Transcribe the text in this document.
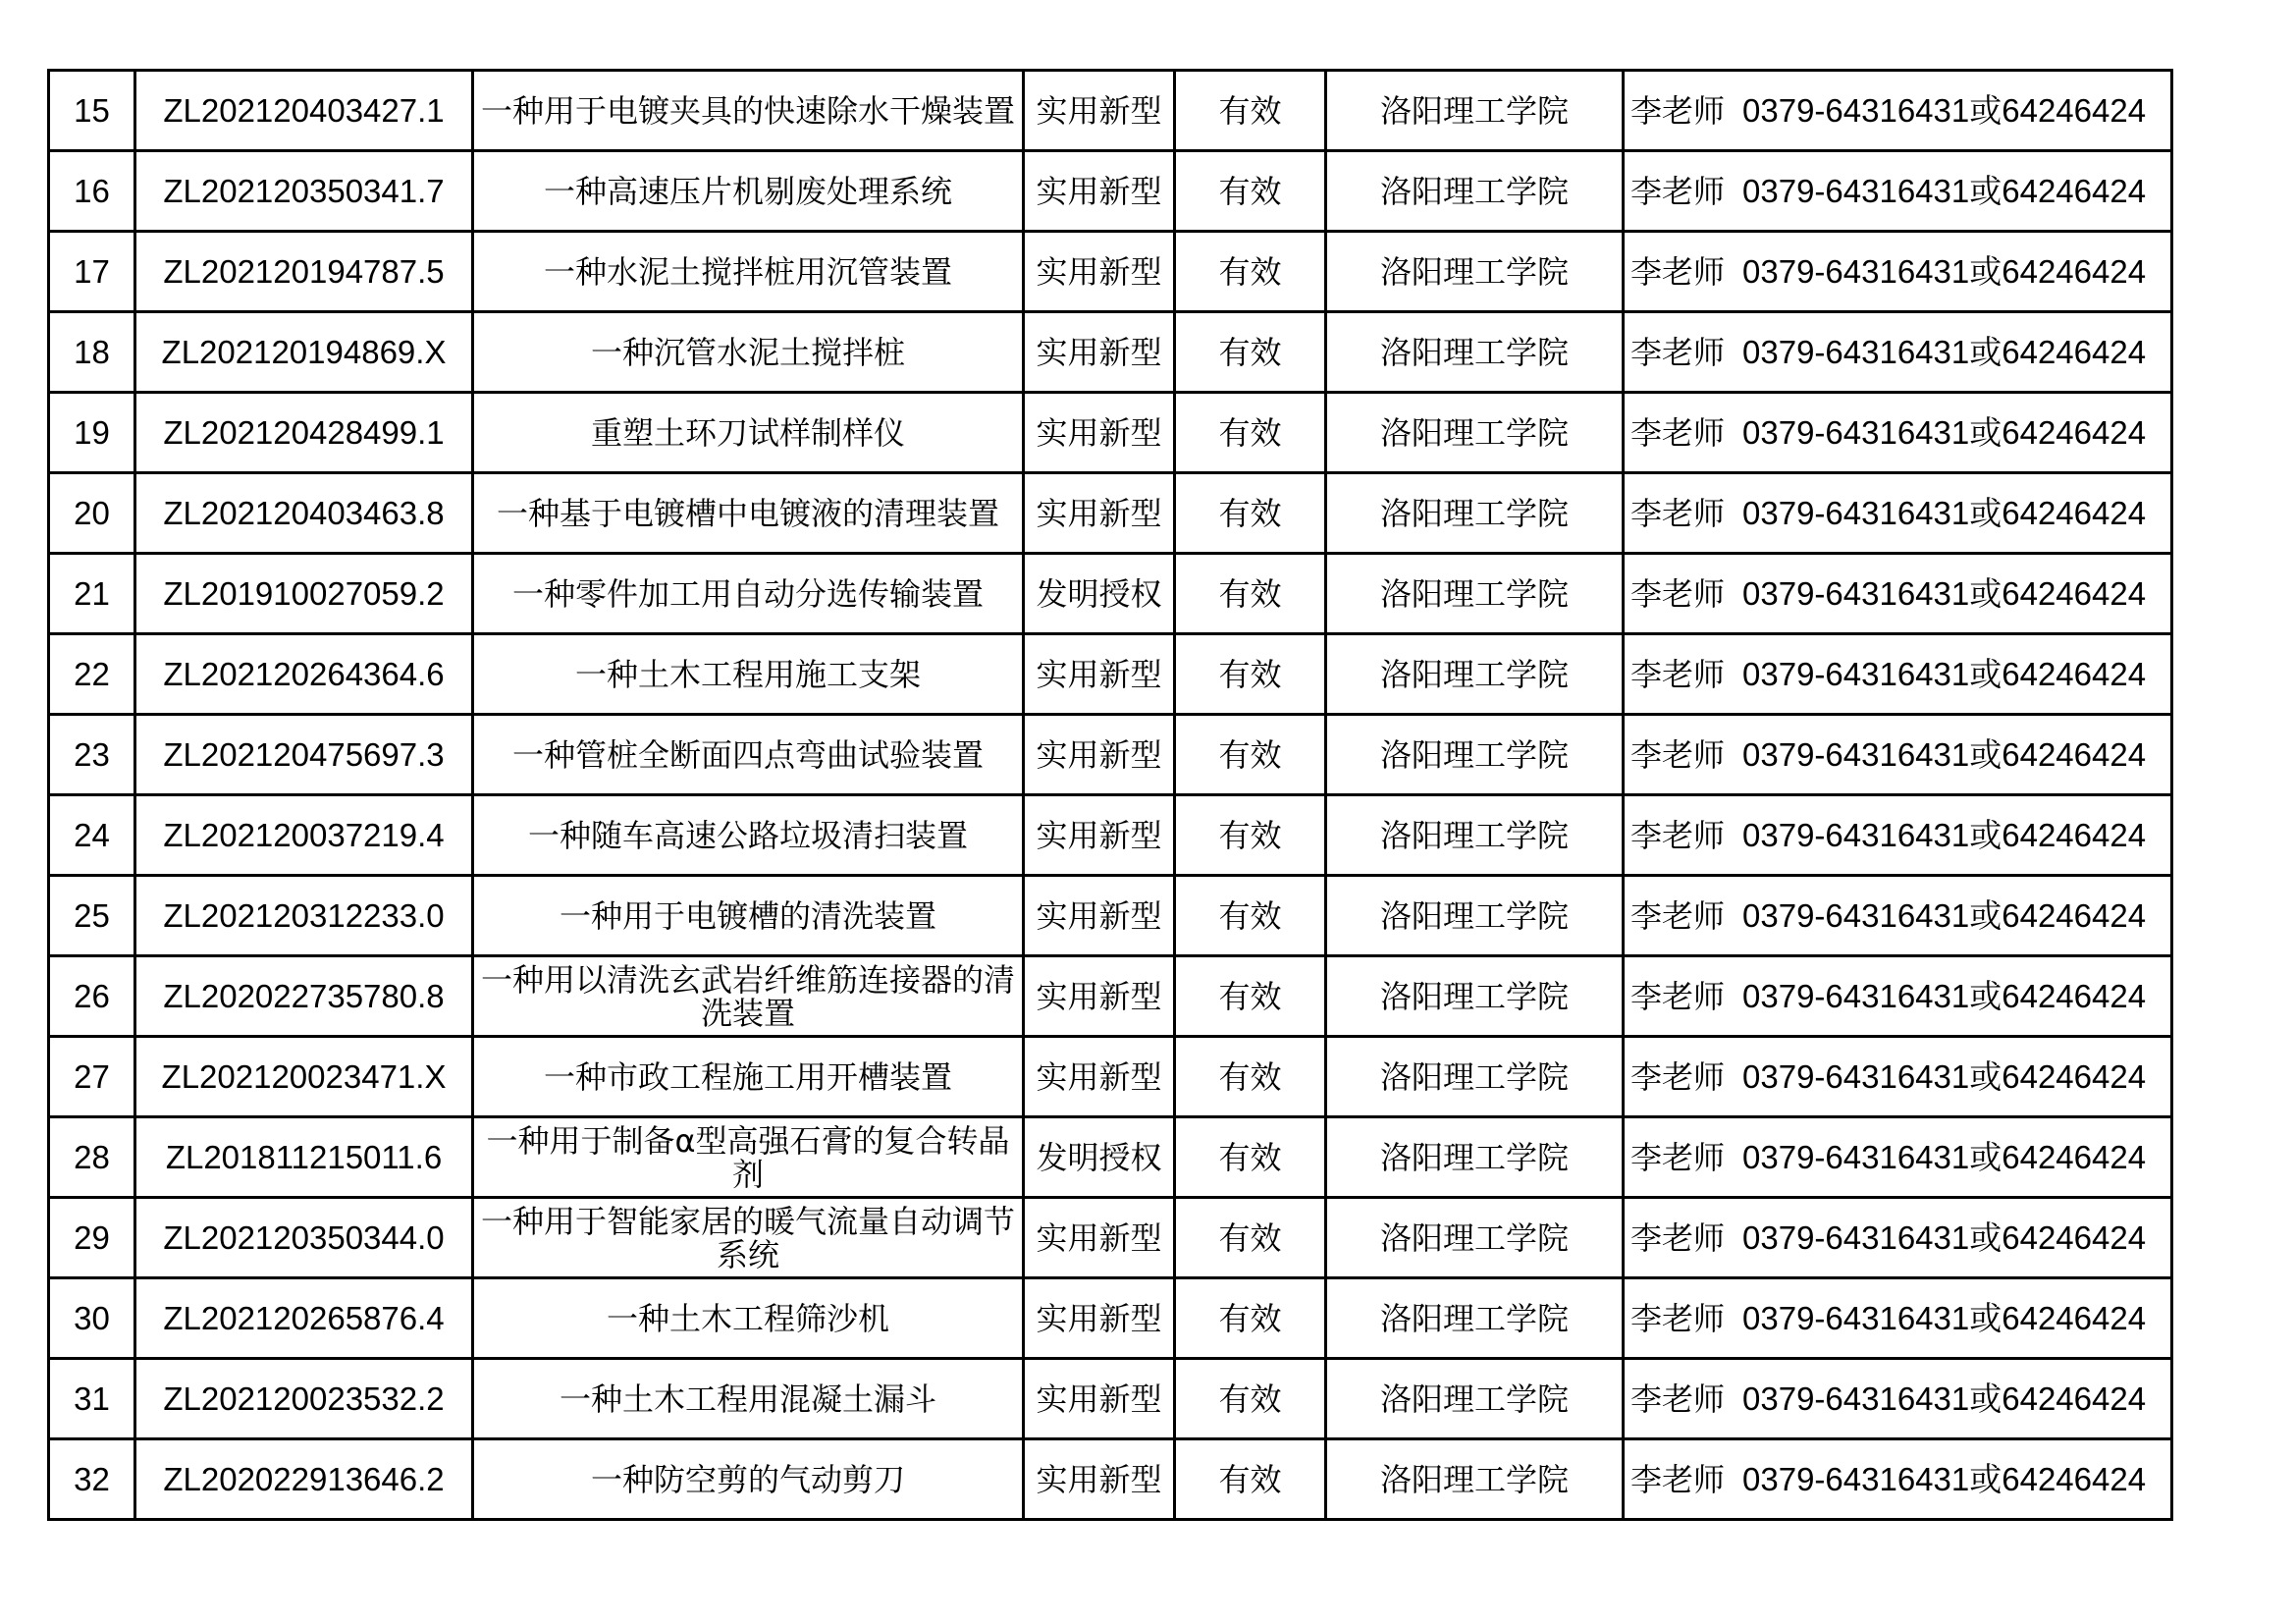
15	ZL202120403427.1	一种用于电镀夹具的快速除水干燥装置	实用新型	有效	洛阳理工学院	李老师 0379-64316431或64246424
16	ZL202120350341.7	一种高速压片机剔废处理系统	实用新型	有效	洛阳理工学院	李老师 0379-64316431或64246424
17	ZL202120194787.5	一种水泥土搅拌桩用沉管装置	实用新型	有效	洛阳理工学院	李老师 0379-64316431或64246424
18	ZL202120194869.X	一种沉管水泥土搅拌桩	实用新型	有效	洛阳理工学院	李老师 0379-64316431或64246424
19	ZL202120428499.1	重塑土环刀试样制样仪	实用新型	有效	洛阳理工学院	李老师 0379-64316431或64246424
20	ZL202120403463.8	一种基于电镀槽中电镀液的清理装置	实用新型	有效	洛阳理工学院	李老师 0379-64316431或64246424
21	ZL201910027059.2	一种零件加工用自动分选传输装置	发明授权	有效	洛阳理工学院	李老师 0379-64316431或64246424
22	ZL202120264364.6	一种土木工程用施工支架	实用新型	有效	洛阳理工学院	李老师 0379-64316431或64246424
23	ZL202120475697.3	一种管桩全断面四点弯曲试验装置	实用新型	有效	洛阳理工学院	李老师 0379-64316431或64246424
24	ZL202120037219.4	一种随车高速公路垃圾清扫装置	实用新型	有效	洛阳理工学院	李老师 0379-64316431或64246424
25	ZL202120312233.0	一种用于电镀槽的清洗装置	实用新型	有效	洛阳理工学院	李老师 0379-64316431或64246424
26	ZL202022735780.8	一种用以清洗玄武岩纤维筋连接器的清洗装置	实用新型	有效	洛阳理工学院	李老师 0379-64316431或64246424
27	ZL202120023471.X	一种市政工程施工用开槽装置	实用新型	有效	洛阳理工学院	李老师 0379-64316431或64246424
28	ZL201811215011.6	一种用于制备α型高强石膏的复合转晶剂	发明授权	有效	洛阳理工学院	李老师 0379-64316431或64246424
29	ZL202120350344.0	一种用于智能家居的暖气流量自动调节系统	实用新型	有效	洛阳理工学院	李老师 0379-64316431或64246424
30	ZL202120265876.4	一种土木工程筛沙机	实用新型	有效	洛阳理工学院	李老师 0379-64316431或64246424
31	ZL202120023532.2	一种土木工程用混凝土漏斗	实用新型	有效	洛阳理工学院	李老师 0379-64316431或64246424
32	ZL202022913646.2	一种防空剪的气动剪刀	实用新型	有效	洛阳理工学院	李老师 0379-64316431或64246424
